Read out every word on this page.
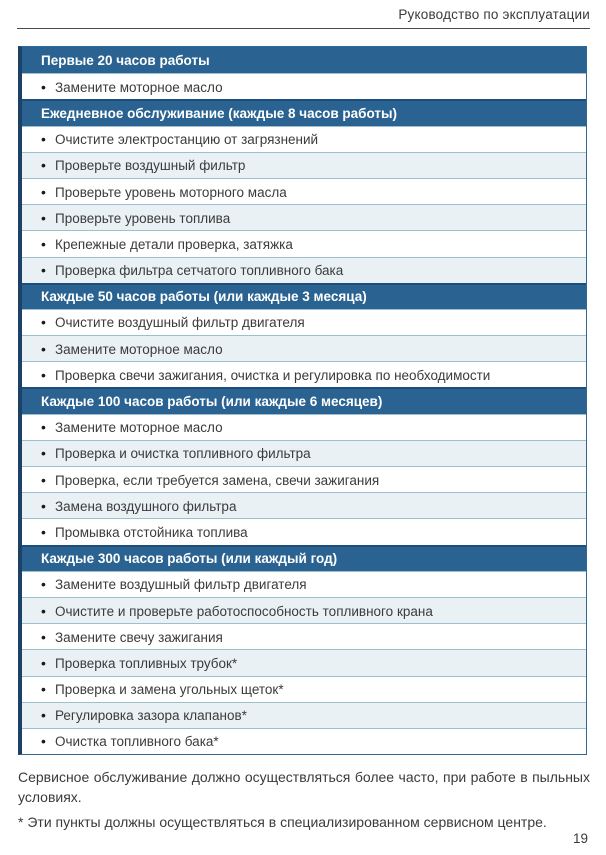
Руководство по эксплуатации
Первые 20 часов работы
• Замените моторное масло
Ежедневное обслуживание (каждые 8 часов работы)
• Очистите электростанцию от загрязнений
• Проверьте воздушный фильтр
• Проверьте уровень моторного масла
• Проверьте уровень топлива
• Крепежные детали проверка, затяжка
• Проверка фильтра сетчатого топливного бака
Каждые 50 часов работы (или каждые 3 месяца)
• Очистите воздушный фильтр двигателя
• Замените моторное масло
• Проверка свечи зажигания, очистка и регулировка по необходимости
Каждые 100 часов работы (или каждые 6 месяцев)
• Замените моторное масло
• Проверка и очистка топливного фильтра
• Проверка, если требуется замена, свечи зажигания
• Замена воздушного фильтра
• Промывка отстойника топлива
Каждые 300 часов работы (или каждый год)
• Замените воздушный фильтр двигателя
• Очистите и проверьте работоспособность топливного крана
• Замените свечу зажигания
• Проверка топливных трубок*
• Проверка и замена угольных щеток*
• Регулировка зазора клапанов*
• Очистка топливного бака*

Сервисное обслуживание должно осуществляться более часто, при работе в пыльных условиях.

* Эти пункты должны осуществляться в специализированном сервисном центре.

19
